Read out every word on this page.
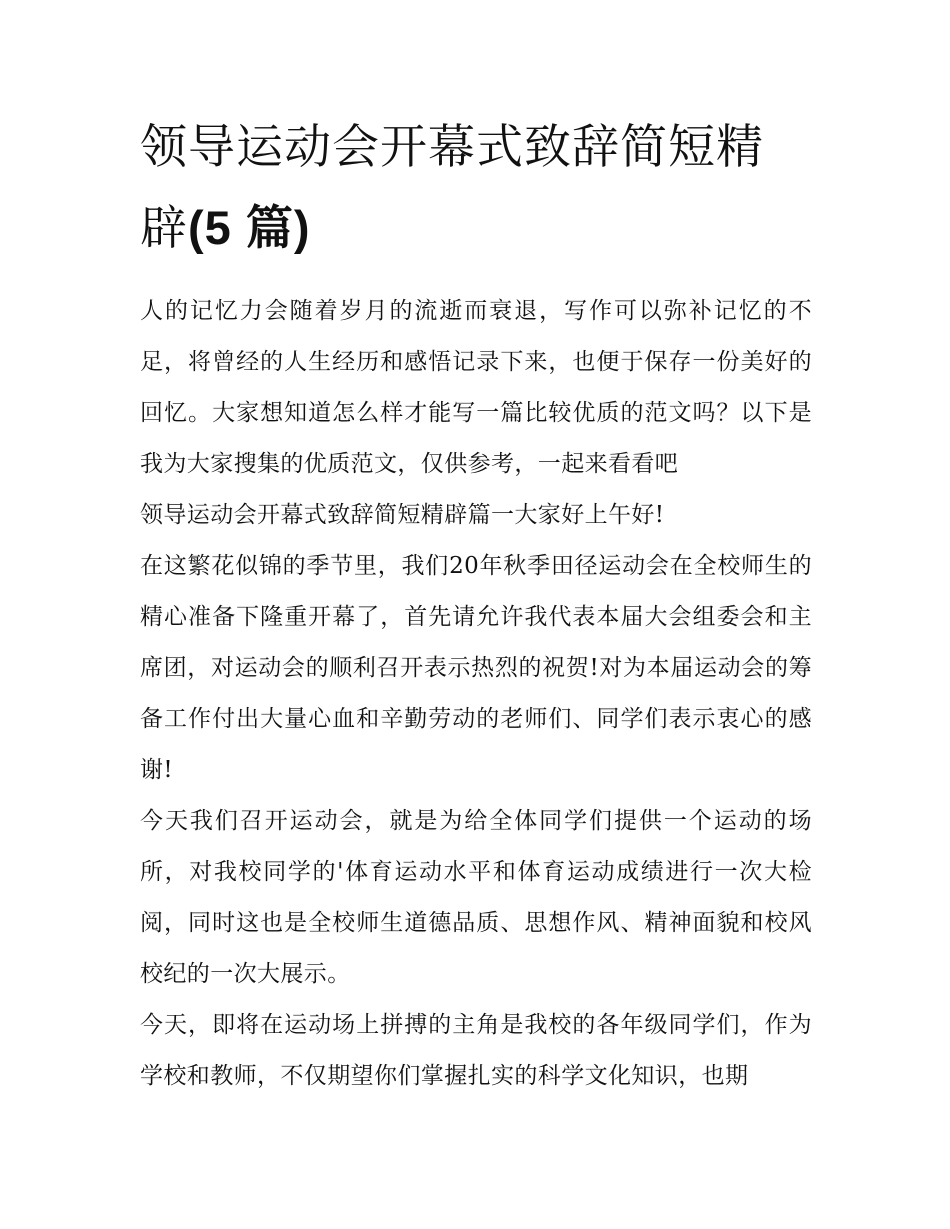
领导运动会开幕式致辞简短精
辟(5 篇)

人的记忆力会随着岁月的流逝而衰退，写作可以弥补记忆的不足，将曾经的人生经历和感悟记录下来，也便于保存一份美好的回忆。大家想知道怎么样才能写一篇比较优质的范文吗？以下是我为大家搜集的优质范文，仅供参考，一起来看看吧

领导运动会开幕式致辞简短精辟篇一大家好上午好!

在这繁花似锦的季节里，我们20年秋季田径运动会在全校师生的精心准备下隆重开幕了，首先请允许我代表本届大会组委会和主席团，对运动会的顺利召开表示热烈的祝贺!对为本届运动会的筹备工作付出大量心血和辛勤劳动的老师们、同学们表示衷心的感谢!

今天我们召开运动会，就是为给全体同学们提供一个运动的场所，对我校同学的'体育运动水平和体育运动成绩进行一次大检阅，同时这也是全校师生道德品质、思想作风、精神面貌和校风校纪的一次大展示。

今天，即将在运动场上拼搏的主角是我校的各年级同学们，作为学校和教师，不仅期望你们掌握扎实的科学文化知识，也期
